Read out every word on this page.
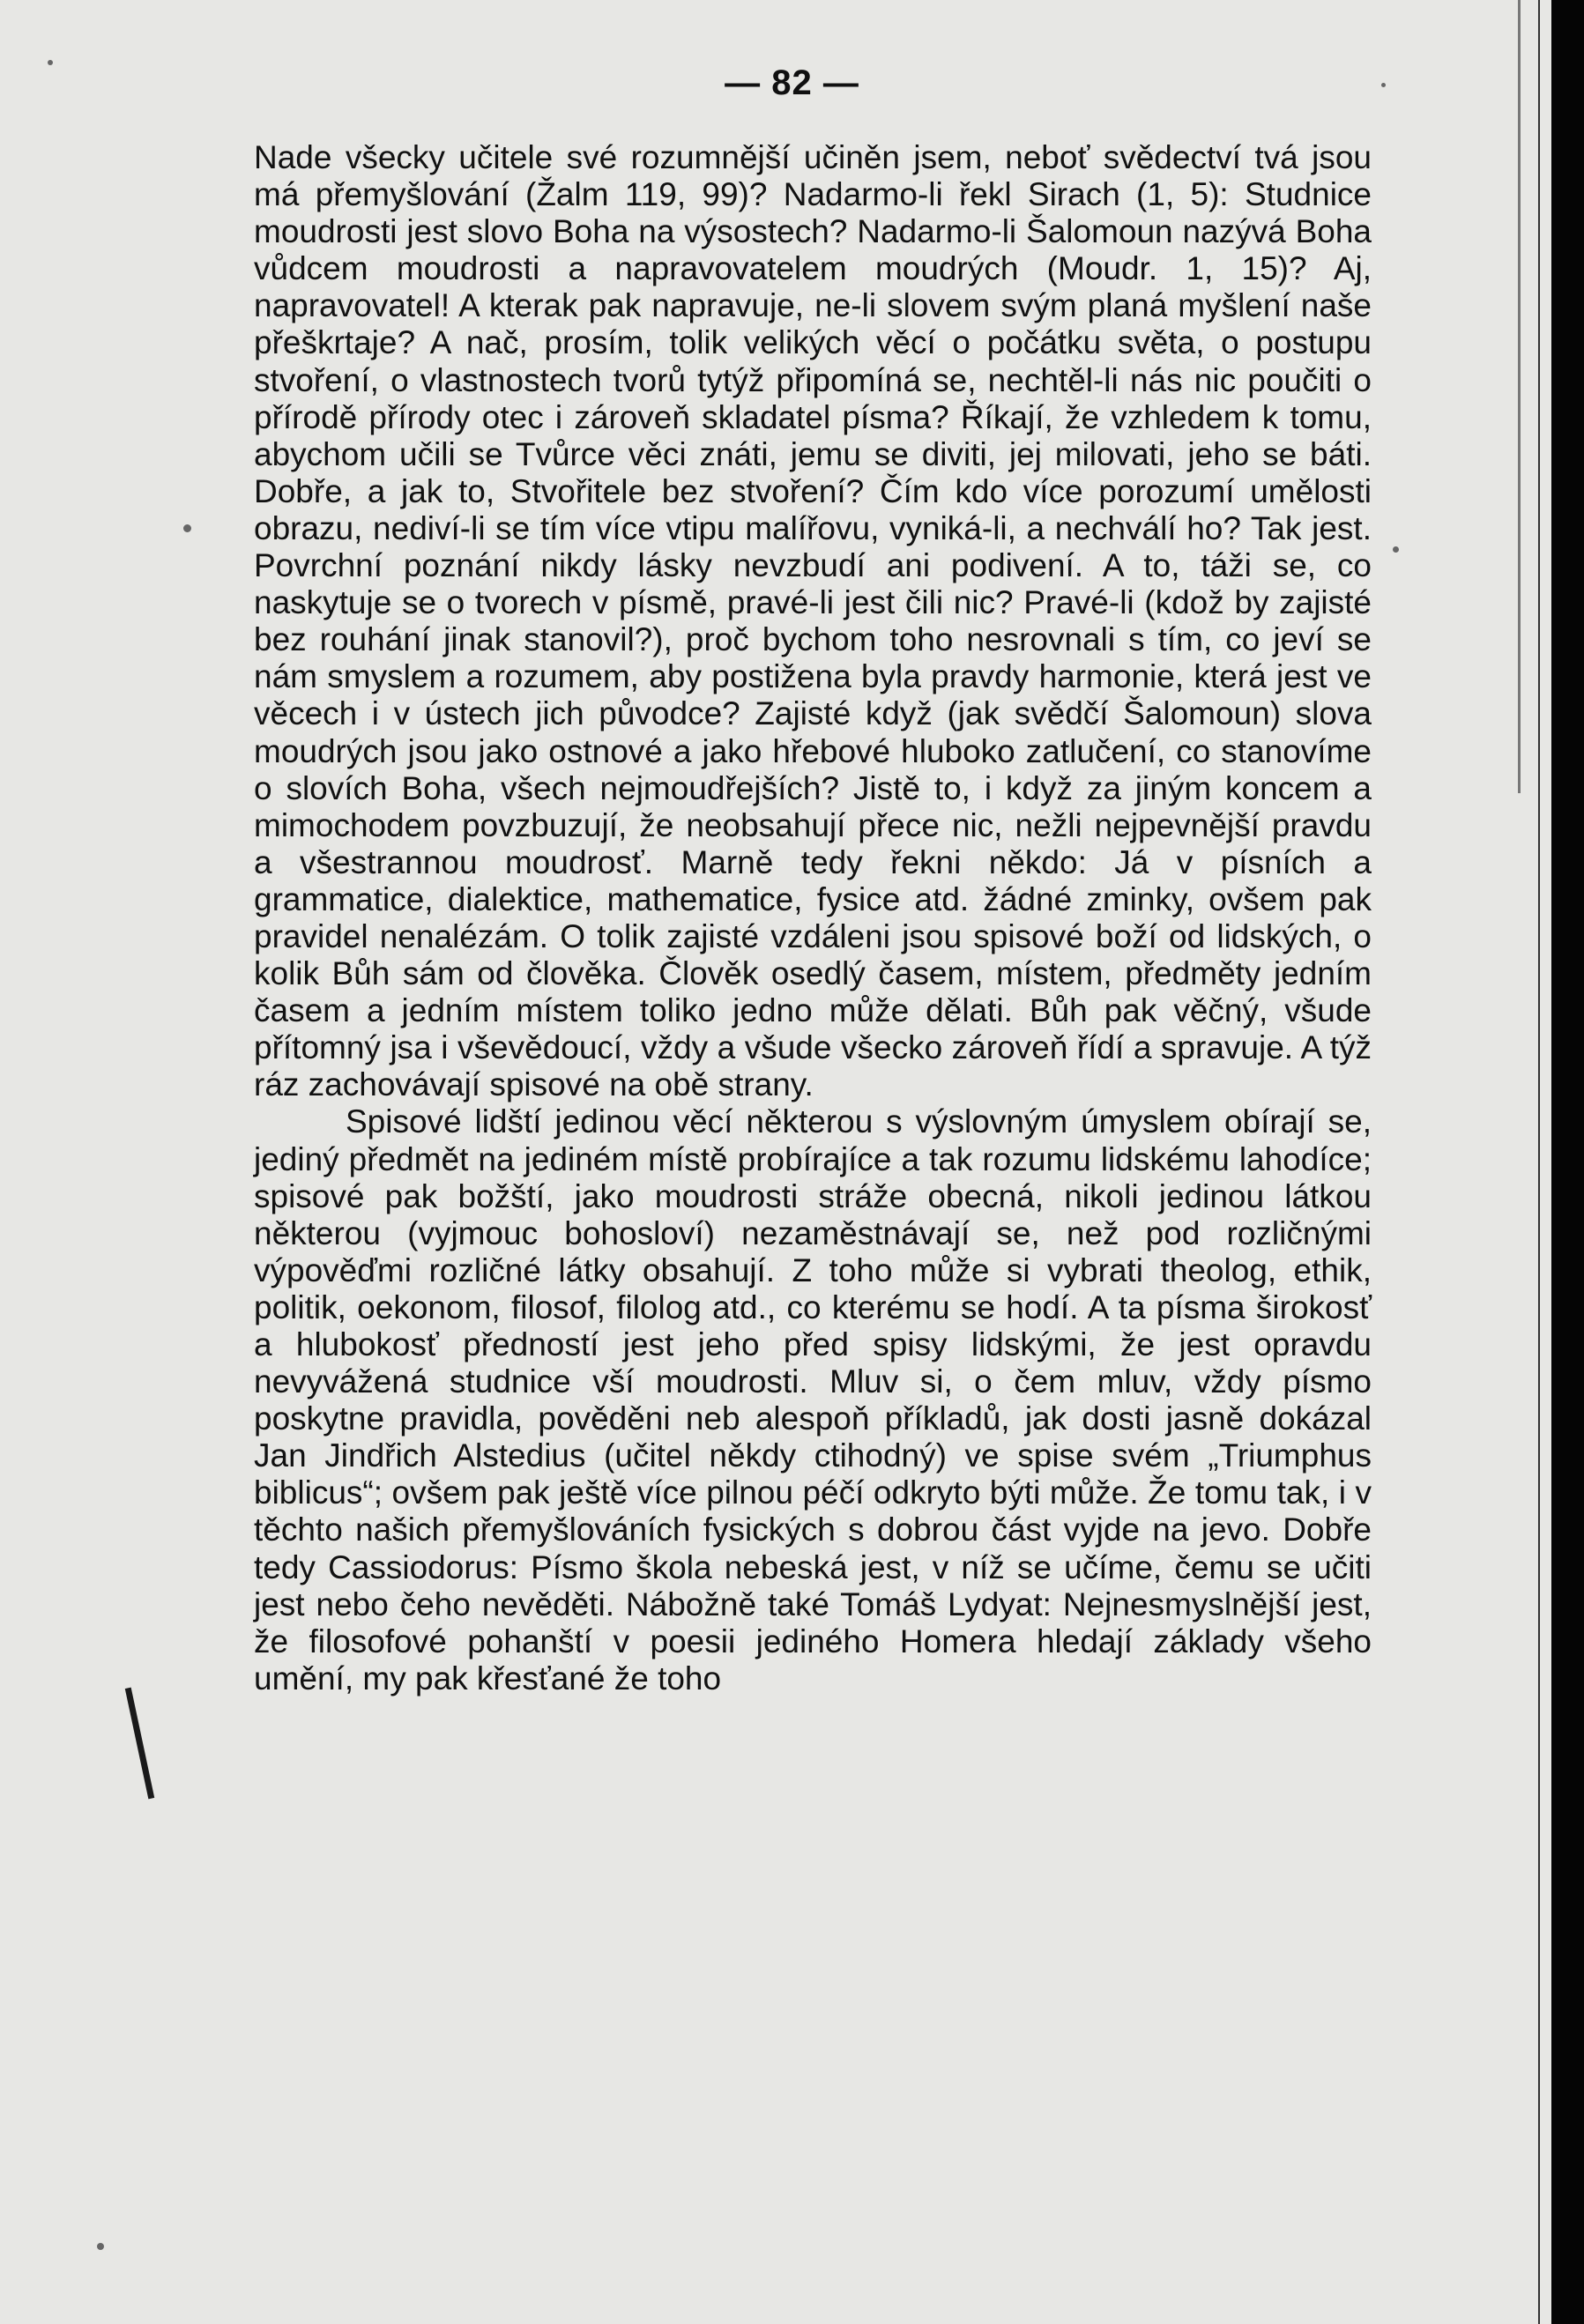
— 82 —

Nade všecky učitele své rozumnější učiněn jsem, neboť svědectví tvá jsou má přemyšlování (Žalm 119, 99)? Nadarmo-li řekl Sirach (1, 5): Studnice moudrosti jest slovo Boha na výsostech? Nadarmo-li Šalomoun nazývá Boha vůdcem moudrosti a napravovatelem moudrých (Moudr. 1, 15)? Aj, napravovatel! A kterak pak napravuje, ne-li slovem svým planá myšlení naše přeškrtaje? A nač, prosím, tolik velikých věcí o počátku světa, o postupu stvoření, o vlastnostech tvorů tytýž připomíná se, nechtěl-li nás nic poučiti o přírodě přírody otec i zároveň skladatel písma? Říkají, že vzhledem k tomu, abychom učili se Tvůrce věci znáti, jemu se diviti, jej milovati, jeho se báti. Dobře, a jak to, Stvořitele bez stvoření? Čím kdo více porozumí umělosti obrazu, nediví-li se tím více vtipu malířovu, vyniká-li, a nechválí ho? Tak jest. Povrchní poznání nikdy lásky nevzbudí ani podivení. A to, táži se, co naskytuje se o tvorech v písmě, pravé-li jest čili nic? Pravé-li (kdož by zajisté bez rouhání jinak stanovil?), proč bychom toho nesrovnali s tím, co jeví se nám smyslem a rozumem, aby postižena byla pravdy harmonie, která jest ve věcech i v ústech jich původce? Zajisté když (jak svědčí Šalomoun) slova moudrých jsou jako ostnové a jako hřebové hluboko zatlučení, co stanovíme o slovích Boha, všech nejmoudřejších? Jistě to, i když za jiným koncem a mimochodem povzbuzují, že neobsahují přece nic, nežli nejpevnější pravdu a všestrannou moudrosť. Marně tedy řekni někdo: Já v písních a grammatice, dialektice, mathematice, fysice atd. žádné zminky, ovšem pak pravidel nenalézám. O tolik zajisté vzdáleni jsou spisové boží od lidských, o kolik Bůh sám od člověka. Člověk osedlý časem, místem, předměty jedním časem a jedním místem toliko jedno může dělati. Bůh pak věčný, všude přítomný jsa i vševědoucí, vždy a všude všecko zároveň řídí a spravuje. A týž ráz zachovávají spisové na obě strany.

Spisové lidští jedinou věcí některou s výslovným úmyslem obírají se, jediný předmět na jediném místě probírajíce a tak rozumu lidskému lahodíce; spisové pak božští, jako moudrosti stráže obecná, nikoli jedinou látkou některou (vyjmouc bohosloví) nezaměstnávají se, než pod rozličnými výpověďmi rozličné látky obsahují. Z toho může si vybrati theolog, ethik, politik, oekonom, filosof, filolog atd., co kterému se hodí. A ta písma širokosť a hlubokosť předností jest jeho před spisy lidskými, že jest opravdu nevyvážená studnice vší moudrosti. Mluv si, o čem mluv, vždy písmo poskytne pravidla, pověděni neb alespoň příkladů, jak dosti jasně dokázal Jan Jindřich Alstedius (učitel někdy ctihodný) ve spise svém „Triumphus biblicus“; ovšem pak ještě více pilnou péčí odkryto býti může. Že tomu tak, i v těchto našich přemyšlováních fysických s dobrou část vyjde na jevo. Dobře tedy Cassiodorus: Písmo škola nebeská jest, v níž se učíme, čemu se učiti jest nebo čeho nevěděti. Nábožně také Tomáš Lydyat: Nejnesmyslnější jest, že filosofové pohanští v poesii jediného Homera hledají základy všeho umění, my pak křesťané že toho
